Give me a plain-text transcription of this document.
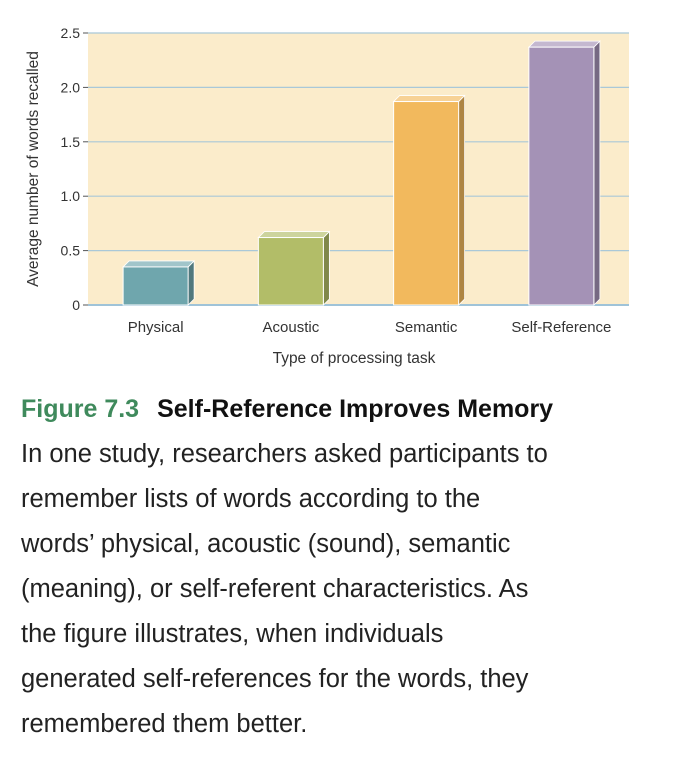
0
0.5
1.0
1.5
2.0
2.5
Physical	Acoustic	Semantic	Self-Reference
Average number of words recalled
Type of processing task
Figure 7.3 Self-Reference Improves Memory

In one study, researchers asked participants to
remember lists of words according to the
words’ physical, acoustic (sound), semantic
(meaning), or self-referent characteristics. As
the figure illustrates, when individuals
generated self-references for the words, they
remembered them better.
